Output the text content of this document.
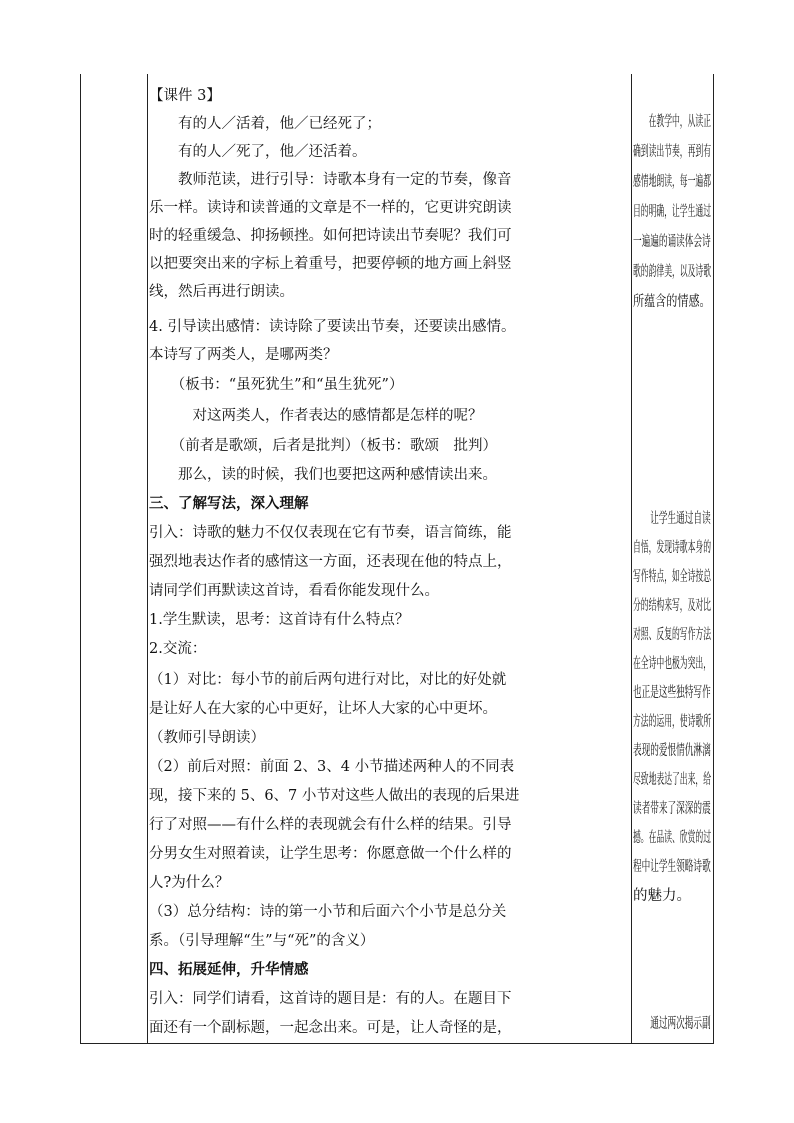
【课件 3】
　　有的人／活着，他／已经死了；
　　有的人／死了，他／还活着。
　　教师范读，进行引导：诗歌本身有一定的节奏，像音
乐一样。读诗和读普通的文章是不一样的，它更讲究朗读
时的轻重缓急、抑扬顿挫。如何把诗读出节奏呢？我们可
以把要突出来的字标上着重号，把要停顿的地方画上斜竖
线，然后再进行朗读。
4. 引导读出感情：读诗除了要读出节奏，还要读出感情。
本诗写了两类人，是哪两类？
　　（板书：“虽死犹生”和“虽生犹死”）
　　　对这两类人，作者表达的感情都是怎样的呢？
　　（前者是歌颂，后者是批判）（板书：歌颂　批判）
　　那么，读的时候，我们也要把这两种感情读出来。
三、了解写法，深入理解
引入：诗歌的魅力不仅仅表现在它有节奏，语言简练，能
强烈地表达作者的感情这一方面，还表现在他的特点上，
请同学们再默读这首诗，看看你能发现什么。
1.学生默读，思考：这首诗有什么特点？
2.交流：
（1）对比：每小节的前后两句进行对比，对比的好处就
是让好人在大家的心中更好，让坏人大家的心中更坏。
（教师引导朗读）
（2）前后对照：前面 2、3、4 小节描述两种人的不同表
现，接下来的 5、6、7 小节对这些人做出的表现的后果进
行了对照——有什么样的表现就会有什么样的结果。引导
分男女生对照着读，让学生思考：你愿意做一个什么样的
人?为什么？
（3）总分结构：诗的第一小节和后面六个小节是总分关
系。（引导理解“生”与“死”的含义）
四、拓展延伸，升华情感
引入：同学们请看，这首诗的题目是：有的人。在题目下
面还有一个副标题，一起念出来。可是，让人奇怪的是，
　　在教学中，从读正
确到读出节奏，再到有
感情地朗读，每一遍都
目的明确，让学生通过
一遍遍的诵读体会诗
歌的韵律美，以及诗歌
所蕴含的情感。
　　让学生通过自读
自悟，发现诗歌本身的
写作特点，如全诗按总
分的结构来写，及对比
对照、反复的写作方法
在全诗中也极为突出，
也正是这些独特写作
方法的运用，使诗歌所
表现的爱恨情仇淋漓
尽致地表达了出来，给
读者带来了深深的震
撼。在品读、欣赏的过
程中让学生领略诗歌
的魅力。
　　通过两次揭示副
